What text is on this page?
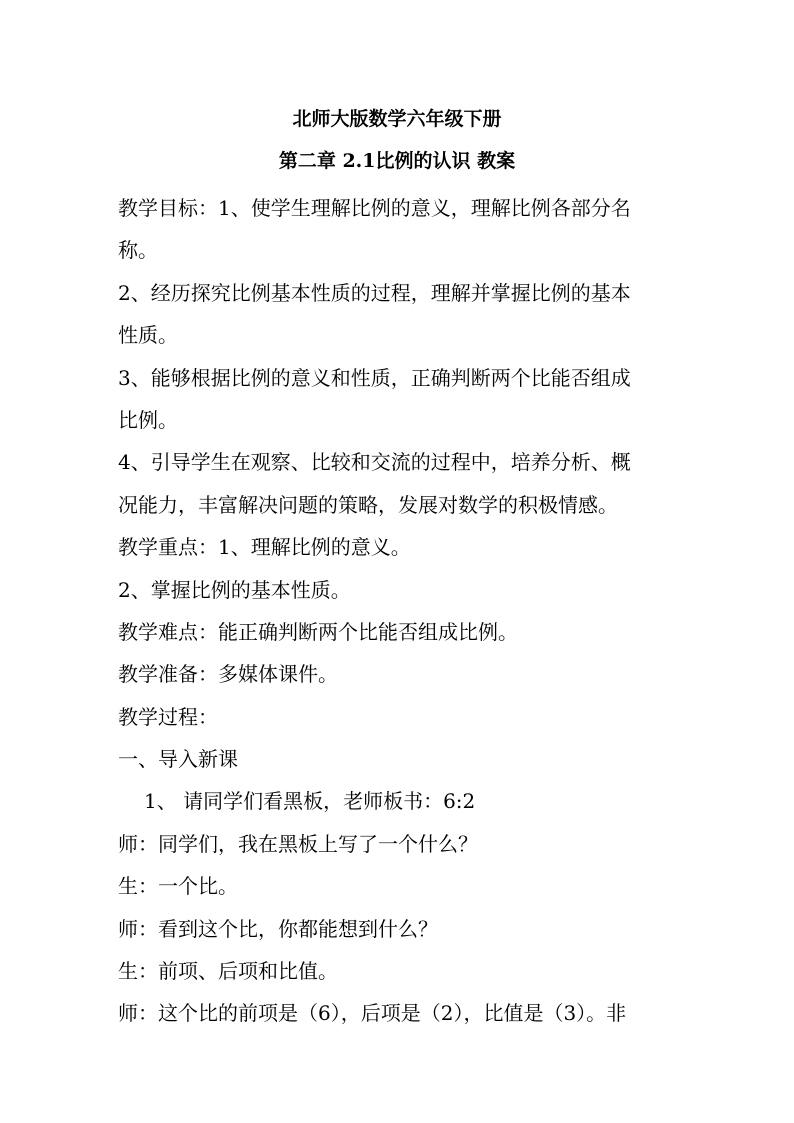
北师大版数学六年级下册
第二章 2.1比例的认识 教案
教学目标：1、使学生理解比例的意义，理解比例各部分名
称。
2、经历探究比例基本性质的过程，理解并掌握比例的基本
性质。
3、能够根据比例的意义和性质，正确判断两个比能否组成
比例。
4、引导学生在观察、比较和交流的过程中，培养分析、概
况能力，丰富解决问题的策略，发展对数学的积极情感。
教学重点：1、理解比例的意义。
2、掌握比例的基本性质。
教学难点：能正确判断两个比能否组成比例。
教学准备：多媒体课件。
教学过程：
一、导入新课
1、 请同学们看黑板，老师板书：6:2
师：同学们，我在黑板上写了一个什么？
生：一个比。
师：看到这个比，你都能想到什么？
生：前项、后项和比值。
师：这个比的前项是（6），后项是（2），比值是（3）。非
